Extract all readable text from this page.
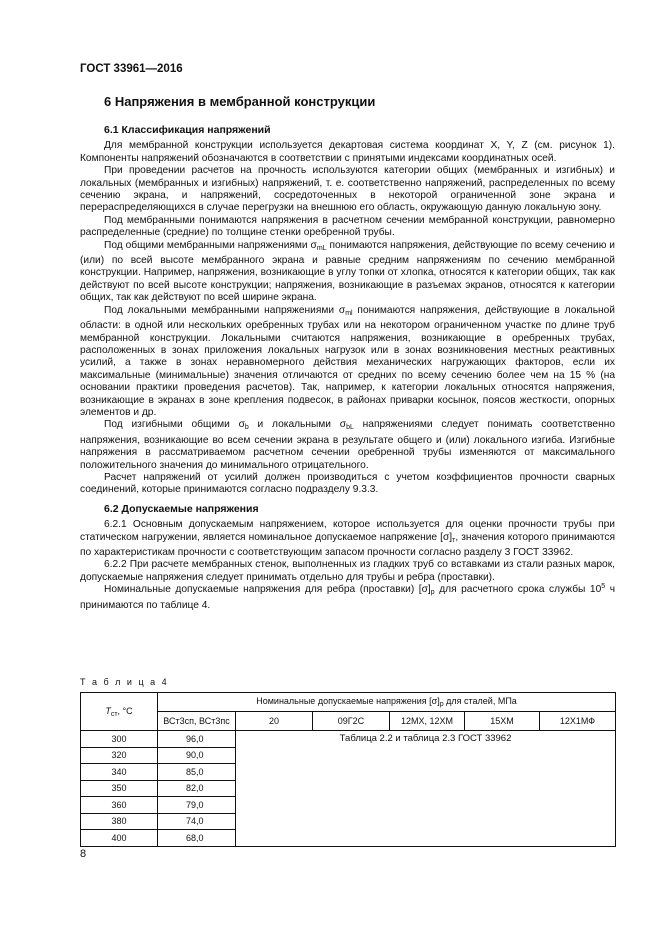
ГОСТ 33961—2016
6 Напряжения в мембранной конструкции
6.1 Классификация напряжений

Для мембранной конструкции используется декартовая система координат X, Y, Z (см. рисунок 1). Компоненты напряжений обозначаются в соответствии с принятыми индексами координатных осей.

При проведении расчетов на прочность используются категории общих (мембранных и изгибных) и локальных (мембранных и изгибных) напряжений, т. е. соответственно напряжений, распределенных по всему сечению экрана, и напряжений, сосредоточенных в некоторой ограниченной зоне экрана и перераспределяющихся в случае перегрузки на внешнюю его область, окружающую данную локальную зону.

Под мембранными понимаются напряжения в расчетном сечении мембранной конструкции, равномерно распределенные (средние) по толщине стенки оребренной трубы.

Под общими мембранными напряжениями $\sigma_{mL}$ понимаются напряжения, действующие по всему сечению и (или) по всей высоте мембранного экрана и равные средним напряжениям по сечению мембранной конструкции. Например, напряжения, возникающие в углу топки от хлопка, относятся к категории общих, так как действуют по всей высоте конструкции; напряжения, возникающие в разъемах экранов, относятся к категории общих, так как действуют по всей ширине экрана.

Под локальными мембранными напряжениями $\sigma_{ml}$ понимаются напряжения, действующие в локальной области: в одной или нескольких оребренных трубах или на некотором ограниченном участке по длине труб мембранной конструкции. Локальными считаются напряжения, возникающие в оребренных трубах, расположенных в зонах приложения локальных нагрузок или в зонах возникновения местных реактивных усилий, а также в зонах неравномерного действия механических нагружающих факторов, если их максимальные (минимальные) значения отличаются от средних по всему сечению более чем на 15 % (на основании практики проведения расчетов). Так, например, к категории локальных относятся напряжения, возникающие в экранах в зоне крепления подвесок, в районах приварки косынок, поясов жесткости, опорных элементов и др.

Под изгибными общими $\sigma_b$ и локальными $\sigma_{bL}$ напряжениями следует понимать соответственно напряжения, возникающие во всем сечении экрана в результате общего и (или) локального изгиба. Изгибные напряжения в рассматриваемом расчетном сечении оребренной трубы изменяются от максимального положительного значения до минимального отрицательного.

Расчет напряжений от усилий должен производиться с учетом коэффициентов прочности сварных соединений, которые принимаются согласно подразделу 9.3.3.

6.2 Допускаемые напряжения

6.2.1 Основным допускаемым напряжением, которое используется для оценки прочности трубы при статическом нагружении, является номинальное допускаемое напряжение $[\sigma]_т$, значения которого принимаются по характеристикам прочности с соответствующим запасом прочности согласно разделу 3 ГОСТ 33962.

6.2.2 При расчете мембранных стенок, выполненных из гладких труб со вставками из стали разных марок, допускаемые напряжения следует принимать отдельно для трубы и ребра (проставки).

Номинальные допускаемые напряжения для ребра (проставки) $[\sigma]_р$ для расчетного срока службы $10^5$ ч принимаются по таблице 4.

Т а б л и ц а 4
$T_{ст}$, °С	Номинальные допускаемые напряжения $[\sigma]_р$ для сталей, МПа					
	ВСт3сп, ВСт3пс	20	09Г2С	12МХ, 12ХМ	15ХМ	12Х1МФ
300	96,0	Таблица 2.2 и таблица 2.3 ГОСТ 33962				
320	90,0					
340	85,0					
350	82,0					
360	79,0					
380	74,0					
400	68,0					
8
